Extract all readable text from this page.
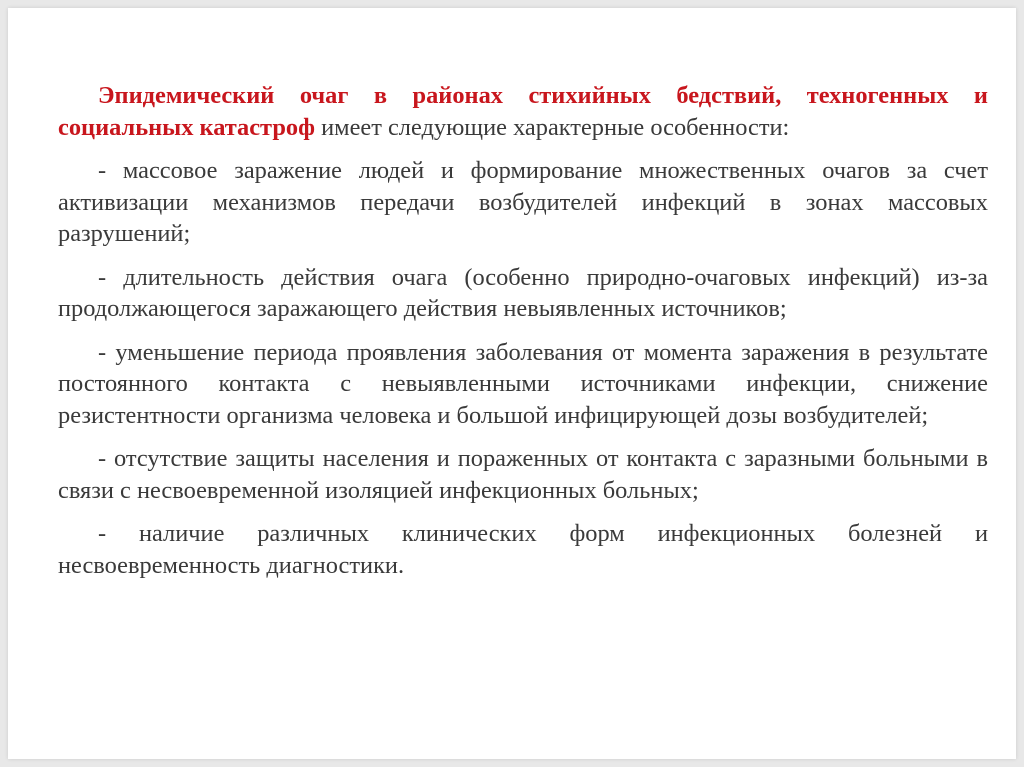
Эпидемический очаг в районах стихийных бедствий, техногенных и социальных катастроф имеет следующие характерные особенности:

- массовое заражение людей и формирование множественных очагов за счет активизации механизмов передачи возбудителей инфекций в зонах массовых разрушений;

- длительность действия очага (особенно природно-очаговых инфекций) из-за продолжающегося заражающего действия невыявленных источников;

- уменьшение периода проявления заболевания от момента заражения в результате постоянного контакта с невыявленными источниками инфекции, снижение резистентности организма человека и большой инфицирующей дозы возбудителей;

- отсутствие защиты населения и пораженных от контакта с заразными больными в связи с несвоевременной изоляцией инфекционных больных;

- наличие различных клинических форм инфекционных болезней и несвоевременность диагностики.
